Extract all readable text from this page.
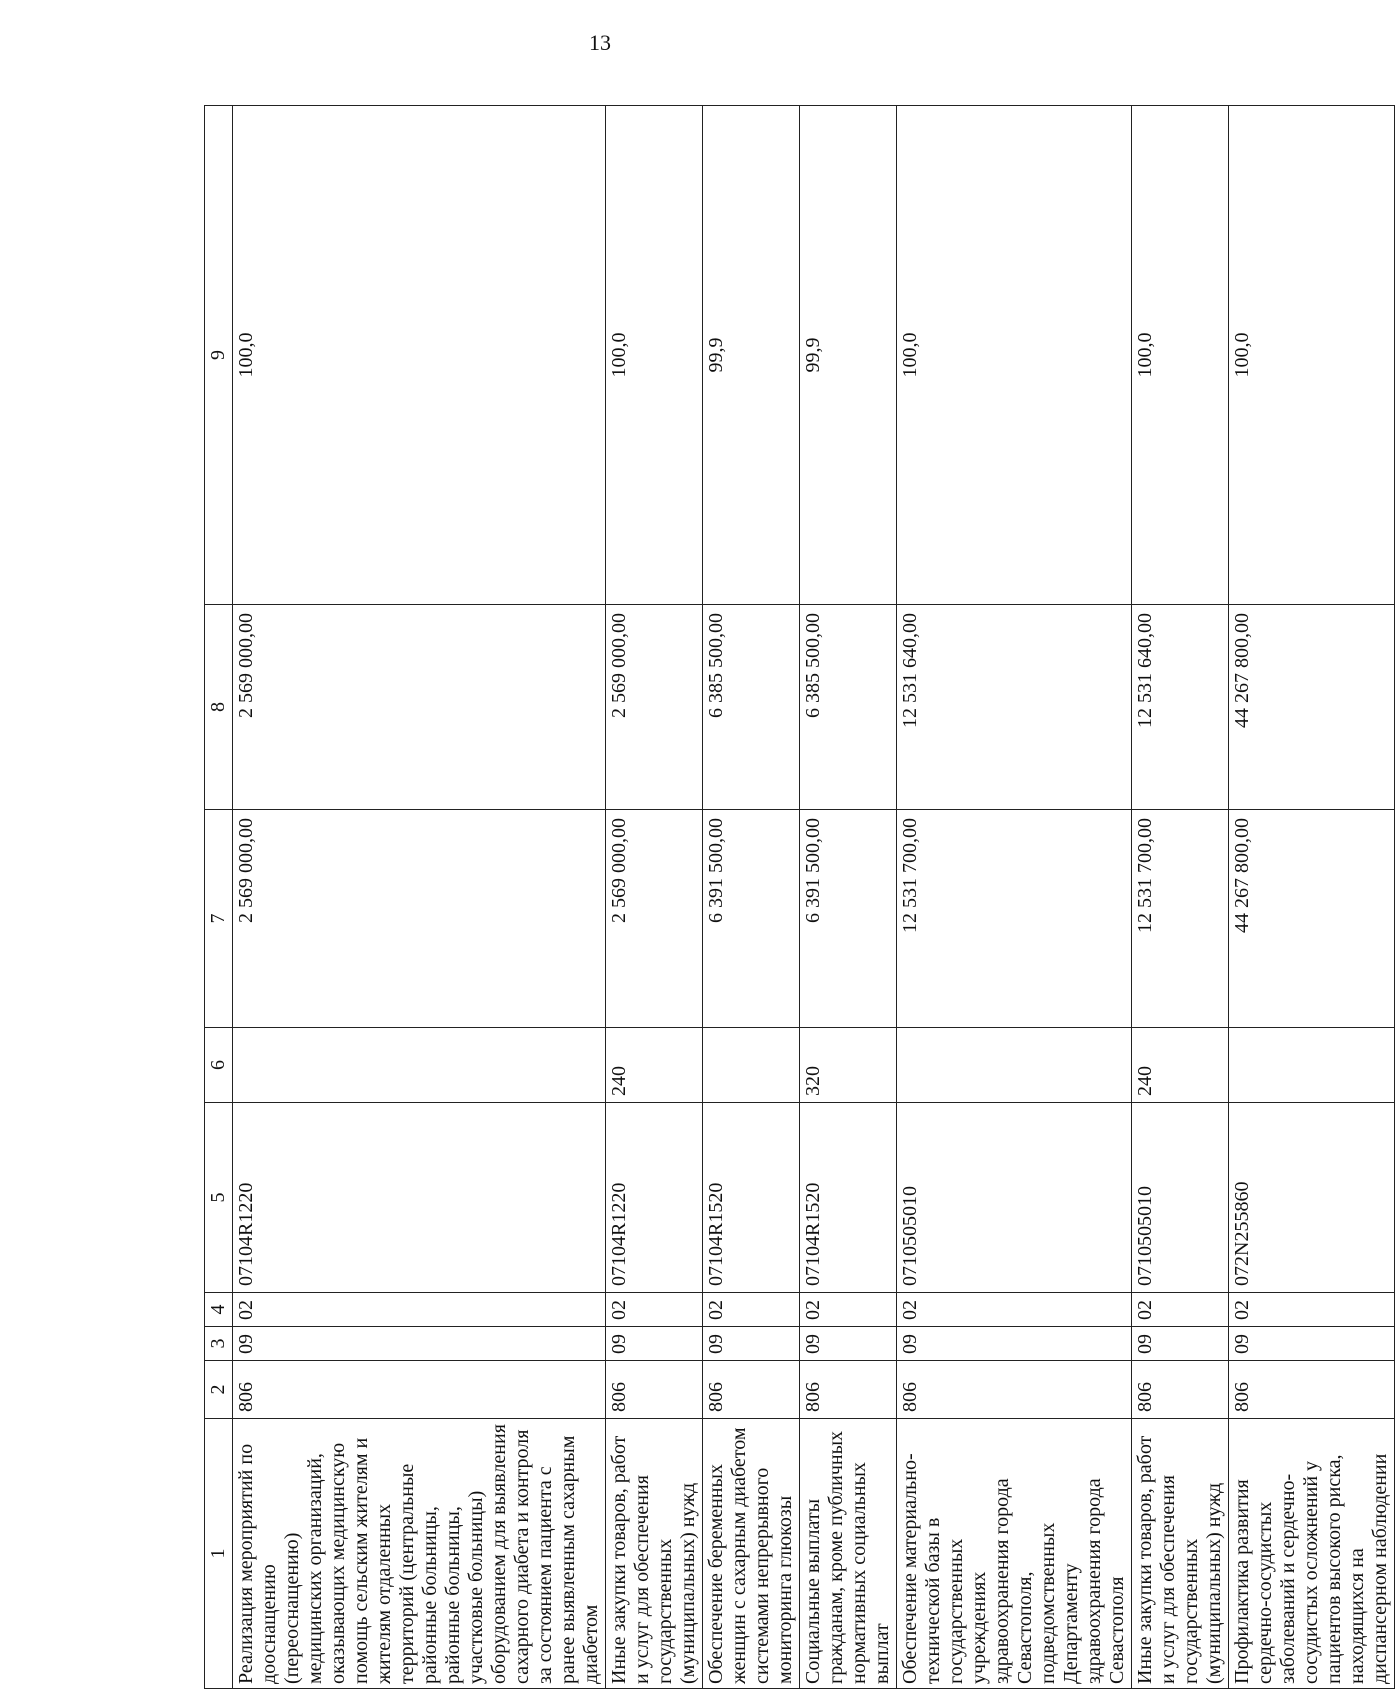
13
1	2	3	4	5	6	7	8	9
Реализация мероприятий по дооснащению (переоснащению) медицинских организаций, оказывающих медицинскую помощь сельским жителям и жителям отдаленных территорий (центральные районные больницы, районные больницы, участковые больницы) оборудованием для выявления сахарного диабета и контроля за состоянием пациента с ранее выявленным сахарным диабетом	806	09	02	07104R1220		2 569 000,00	2 569 000,00	100,0
Иные закупки товаров, работ и услуг для обеспечения государственных (муниципальных) нужд	806	09	02	07104R1220	240	2 569 000,00	2 569 000,00	100,0
Обеспечение беременных женщин с сахарным диабетом системами непрерывного мониторинга глюкозы	806	09	02	07104R1520		6 391 500,00	6 385 500,00	99,9
Социальные выплаты гражданам, кроме публичных нормативных социальных выплат	806	09	02	07104R1520	320	6 391 500,00	6 385 500,00	99,9
Обеспечение материально-технической базы в государственных учреждениях здравоохранения города Севастополя, подведомственных Департаменту здравоохранения города Севастополя	806	09	02	0710505010		12 531 700,00	12 531 640,00	100,0
Иные закупки товаров, работ и услуг для обеспечения государственных (муниципальных) нужд	806	09	02	0710505010	240	12 531 700,00	12 531 640,00	100,0
Профилактика развития сердечно-сосудистых заболеваний и сердечно-сосудистых осложнений у пациентов высокого риска, находящихся на диспансерном наблюдении	806	09	02	072N255860		44 267 800,00	44 267 800,00	100,0
